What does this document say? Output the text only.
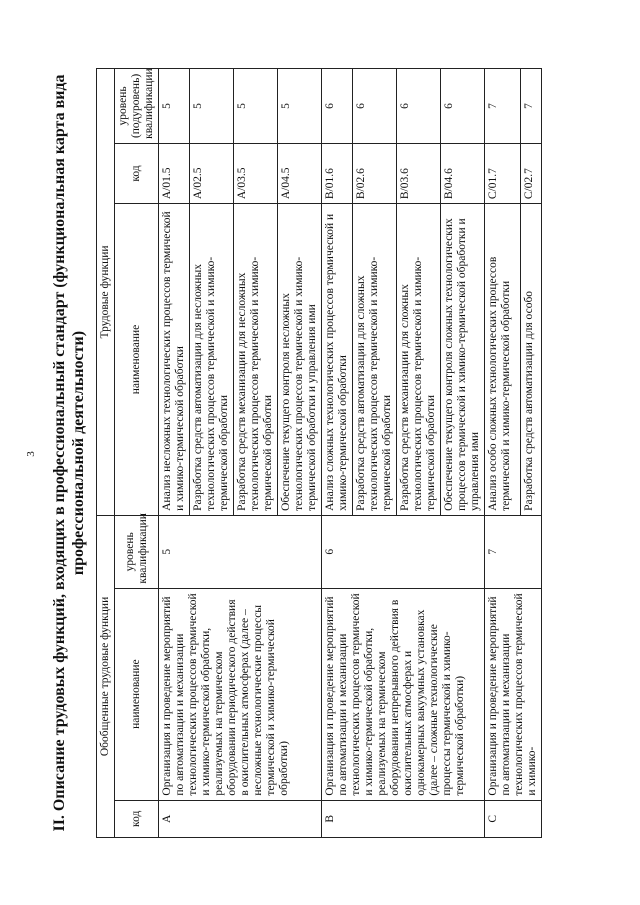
3 II. Описание трудовых функций, входящих в профессиональный стандарт (функциональная карта вида профессиональной деятельности)
Обобщенные трудовые функции			Трудовые функции		
код	наименование	уровень квалификации	наименование	код	уровень (подуровень) квалификации
A	Организация и проведение мероприятий по автоматизации и механизации технологических процессов термической и химико-термической обработки, реализуемых на термическом оборудовании периодического действия в окислительных атмосферах (далее – несложные технологические процессы термической и химико-термической обработки)	5	Анализ несложных технологических процессов термической и химико-термической обработки	A/01.5	5
			Разработка средств автоматизации для несложных технологических процессов термической и химико-термической обработки	A/02.5	5
			Разработка средств механизации для несложных технологических процессов термической и химико-термической обработки	A/03.5	5
			Обеспечение текущего контроля несложных технологических процессов термической и химико-термической обработки и управления ими	A/04.5	5
B	Организация и проведение мероприятий по автоматизации и механизации технологических процессов термической и химико-термической обработки, реализуемых на термическом оборудовании непрерывного действия в окислительных атмосферах и однокамерных вакуумных установках (далее – сложные технологические процессы термической и химико-термической обработки)	6	Анализ сложных технологических процессов термической и химико-термической обработки	B/01.6	6
			Разработка средств автоматизации для сложных технологических процессов термической и химико-термической обработки	B/02.6	6
			Разработка средств механизации для сложных технологических процессов термической и химико-термической обработки	B/03.6	6
			Обеспечение текущего контроля сложных технологических процессов термической и химико-термической обработки и управления ими	B/04.6	6
C	Организация и проведение мероприятий по автоматизации и механизации технологических процессов термической и химико-	7	Анализ особо сложных технологических процессов термической и химико-термической обработки	C/01.7	7
			Разработка средств автоматизации для особо	C/02.7	7
